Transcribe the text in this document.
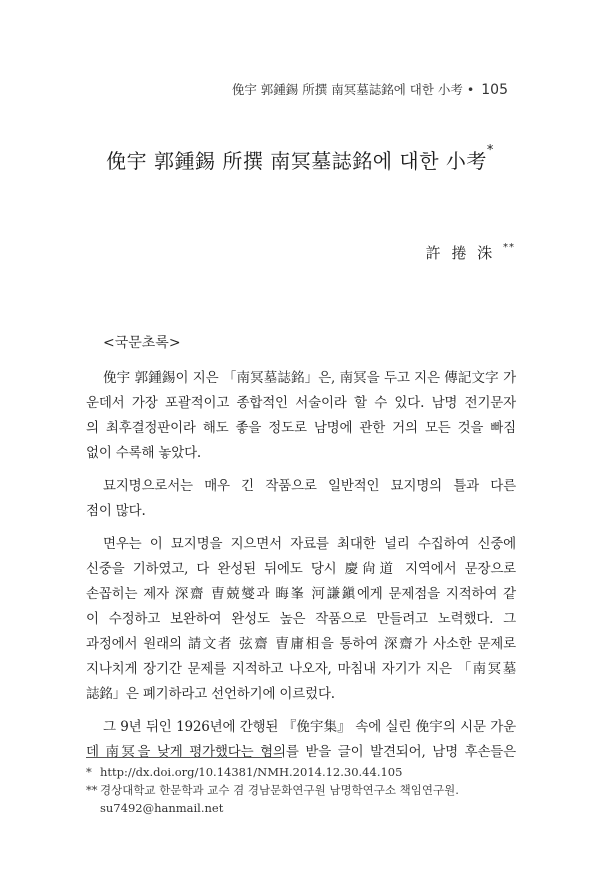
俛宇 郭鍾錫 所撰 南冥墓誌銘에 대한 小考 • 105
俛宇 郭鍾錫 所撰 南冥墓誌銘에 대한 小考*
許 捲 洙 **
<국문초록>

俛宇 郭鍾錫이 지은 「南冥墓誌銘」은, 南冥을 두고 지은 傳記文字 가
운데서 가장 포괄적이고 종합적인 서술이라 할 수 있다. 남명 전기문자
의 최후결정판이라 해도 좋을 정도로 남명에 관한 거의 모든 것을 빠짐
없이 수록해 놓았다.

묘지명으로서는 매우 긴 작품으로 일반적인 묘지명의 틀과 다른
점이 많다.

면우는 이 묘지명을 지으면서 자료를 최대한 널리 수집하여 신중에
신중을 기하였고, 다 완성된 뒤에도 당시 慶尙道 지역에서 문장으로
손꼽히는 제자 深齋 曺兢燮과 晦峯 河謙鎭에게 문제점을 지적하여 같
이 수정하고 보완하여 완성도 높은 작품으로 만들려고 노력했다. 그
과정에서 원래의 請文者 弦齋 曺庸相을 통하여 深齋가 사소한 문제로
지나치게 장기간 문제를 지적하고 나오자, 마침내 자기가 지은 「南冥墓
誌銘」은 폐기하라고 선언하기에 이르렀다.

그 9년 뒤인 1926년에 간행된 『俛宇集』 속에 실린 俛宇의 시문 가운
데 南冥을 낮게 평가했다는 혐의를 받을 글이 발견되어, 남명 후손들은

* http://dx.doi.org/10.14381/NMH.2014.12.30.44.105

** 경상대학교 한문학과 교수 겸 경남문화연구원 남명학연구소 책임연구원.

su7492@hanmail.net
